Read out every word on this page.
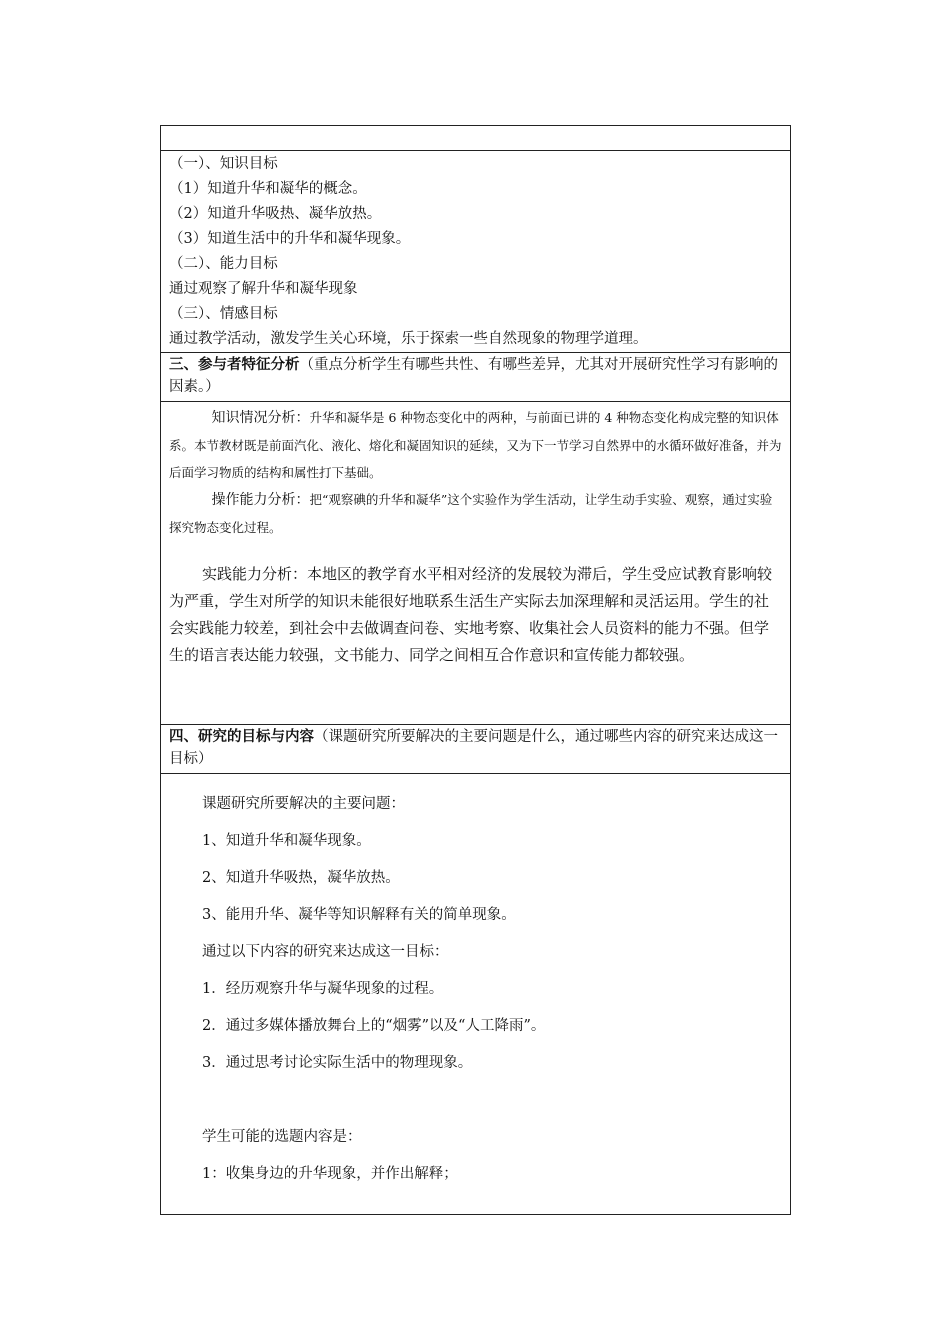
（一）、知识目标

（1）知道升华和凝华的概念。

（2）知道升华吸热、凝华放热。

（3）知道生活中的升华和凝华现象。

（二）、能力目标

通过观察了解升华和凝华现象

（三）、情感目标

通过教学活动，激发学生关心环境，乐于探索一些自然现象的物理学道理。

三、参与者特征分析（重点分析学生有哪些共性、有哪些差异，尤其对开展研究性学习有影响的因素。）

知识情况分析：升华和凝华是 6 种物态变化中的两种，与前面已讲的 4 种物态变化构成完整的知识体系。本节教材既是前面汽化、液化、熔化和凝固知识的延续，又为下一节学习自然界中的水循环做好准备，并为后面学习物质的结构和属性打下基础。

操作能力分析：把“观察碘的升华和凝华”这个实验作为学生活动，让学生动手实验、观察，通过实验探究物态变化过程。

实践能力分析：本地区的教学育水平相对经济的发展较为滞后，学生受应试教育影响较为严重，学生对所学的知识未能很好地联系生活生产实际去加深理解和灵活运用。学生的社会实践能力较差，到社会中去做调查问卷、实地考察、收集社会人员资料的能力不强。但学生的语言表达能力较强，文书能力、同学之间相互合作意识和宣传能力都较强。

四、研究的目标与内容（课题研究所要解决的主要问题是什么，通过哪些内容的研究来达成这一目标）

课题研究所要解决的主要问题：

1、知道升华和凝华现象。

2、知道升华吸热，凝华放热。

3、能用升华、凝华等知识解释有关的简单现象。

通过以下内容的研究来达成这一目标：

1．经历观察升华与凝华现象的过程。

2．通过多媒体播放舞台上的“烟雾”以及“人工降雨”。

3．通过思考讨论实际生活中的物理现象。

学生可能的选题内容是：

1：收集身边的升华现象，并作出解释；
